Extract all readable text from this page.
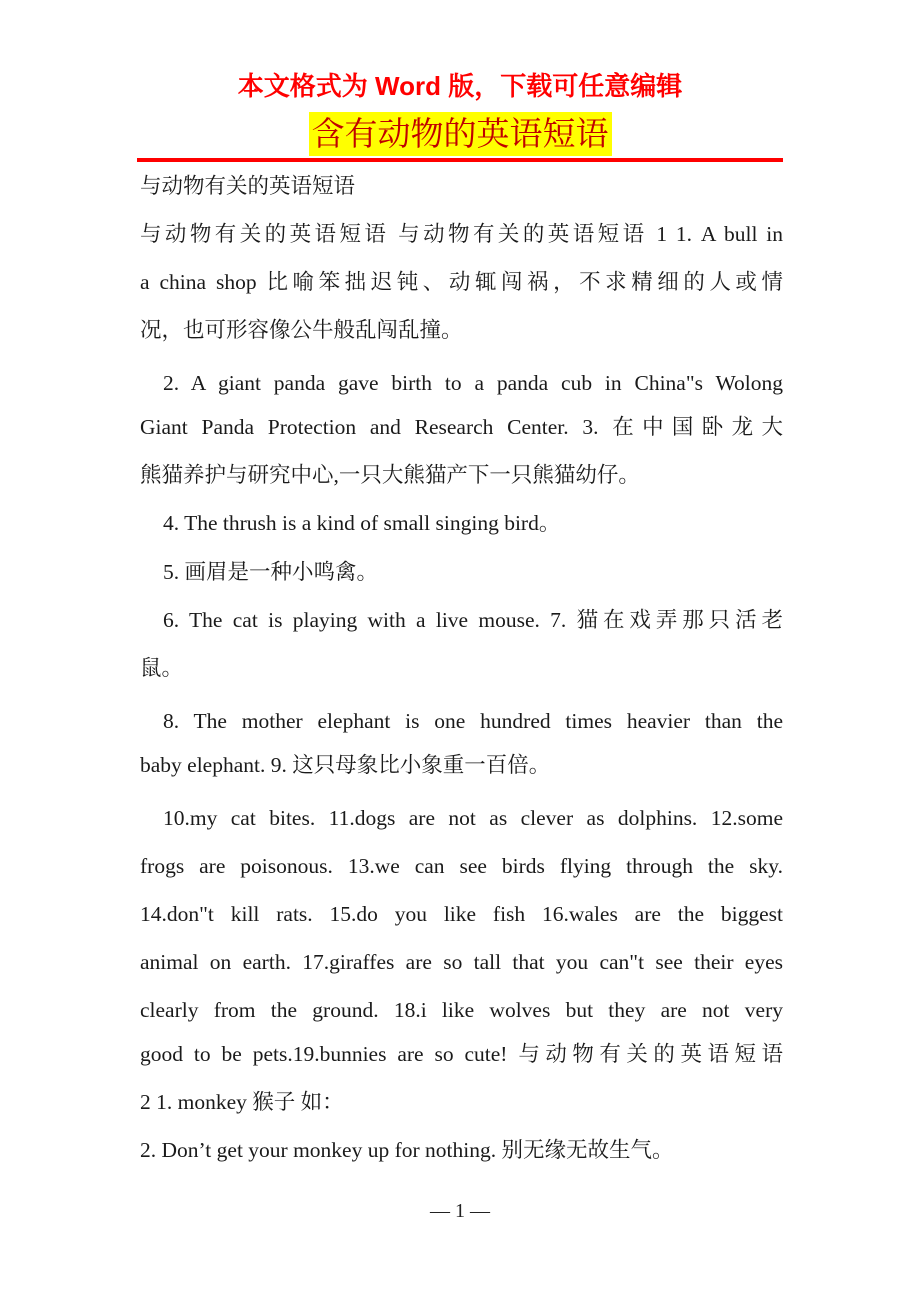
本文格式为 Word 版，下载可任意编辑
含有动物的英语短语
与动物有关的英语短语
与动物有关的英语短语 与动物有关的英语短语 1 1. A bull in
a china shop 比喻笨拙迟钝、动辄闯祸，不求精细的人或情
况，也可形容像公牛般乱闯乱撞。
2. A giant panda gave birth to a panda cub in China"s Wolong
Giant Panda Protection and Research Center. 3. 在中国卧龙大
熊猫养护与研究中心,一只大熊猫产下一只熊猫幼仔。
4. The thrush is a kind of small singing bird。
5. 画眉是一种小鸣禽。
6. The cat is playing with a live mouse. 7. 猫在戏弄那只活老
鼠。
8. The mother elephant is one hundred times heavier than the
baby elephant. 9. 这只母象比小象重一百倍。
10.my cat bites. 11.dogs are not as clever as dolphins. 12.some
frogs are poisonous. 13.we can see birds flying through the sky.
14.don"t kill rats. 15.do you like fish 16.wales are the biggest
animal on earth. 17.giraffes are so tall that you can"t see their eyes
clearly from the ground. 18.i like wolves but they are not very
good to be pets.19.bunnies are so cute! 与动物有关的英语短语
2 1. monkey 猴子 如：
2. Don’t get your monkey up for nothing. 别无缘无故生气。
— 1 —
